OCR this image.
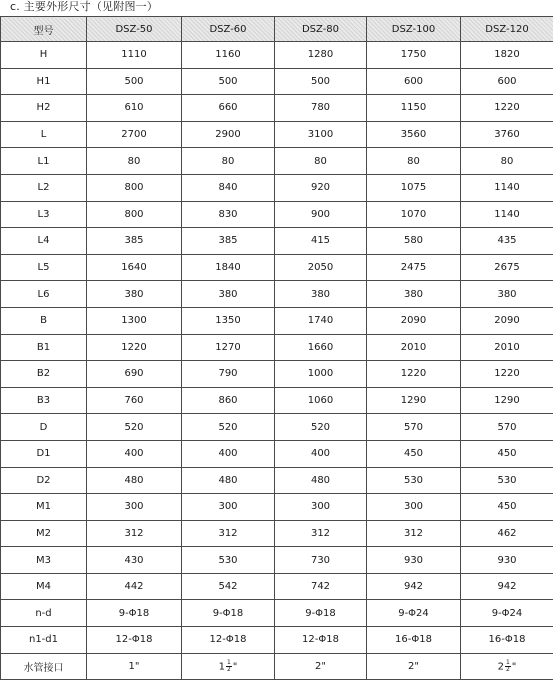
c. 主要外形尺寸（见附图一）
型号	DSZ-50	DSZ-60	DSZ-80	DSZ-100	DSZ-120
H	1110	1160	1280	1750	1820
H1	500	500	500	600	600
H2	610	660	780	1150	1220
L	2700	2900	3100	3560	3760
L1	80	80	80	80	80
L2	800	840	920	1075	1140
L3	800	830	900	1070	1140
L4	385	385	415	580	435
L5	1640	1840	2050	2475	2675
L6	380	380	380	380	380
B	1300	1350	1740	2090	2090
B1	1220	1270	1660	2010	2010
B2	690	790	1000	1220	1220
B3	760	860	1060	1290	1290
D	520	520	520	570	570
D1	400	400	400	450	450
D2	480	480	480	530	530
M1	300	300	300	300	450
M2	312	312	312	312	462
M3	430	530	730	930	930
M4	442	542	742	942	942
n-d	9-Φ18	9-Φ18	9-Φ18	9-Φ24	9-Φ24
n1-d1	12-Φ18	12-Φ18	12-Φ18	16-Φ18	16-Φ18
水管接口	1"	$1 \frac{1}{2}$ "	2"	2"	$2 \frac{1}{2}$ "
